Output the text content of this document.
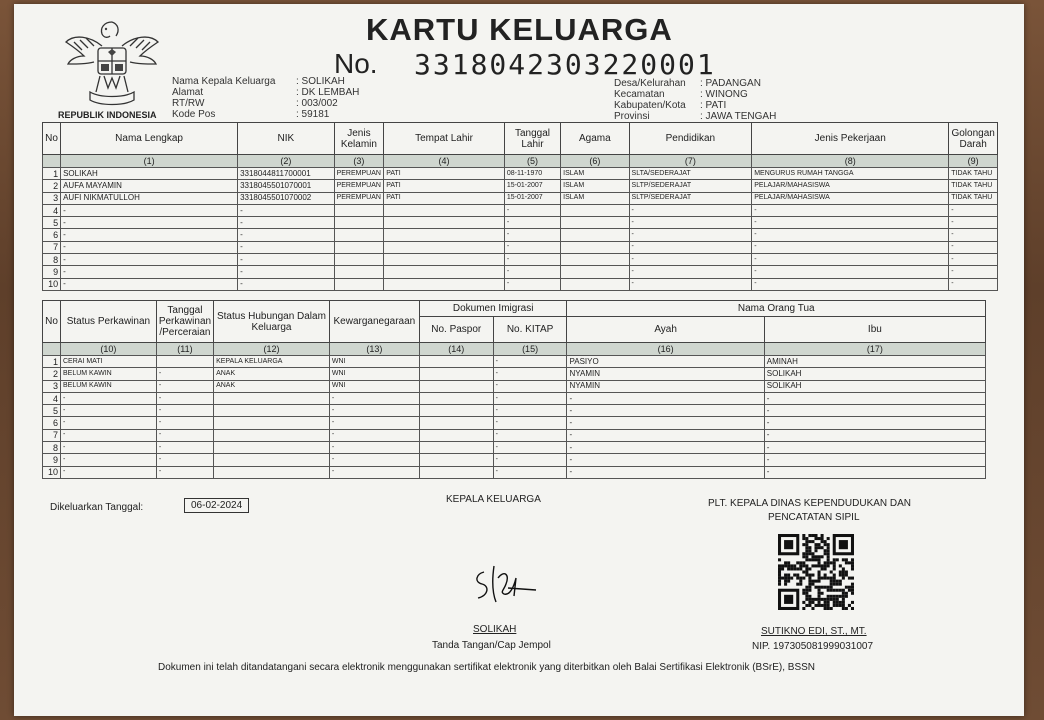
REPUBLIK INDONESIA
KARTU KELUARGA
No. 3318042303220001
Nama Kepala Keluarga	: SOLIKAH
Alamat	: DK LEMBAH
RT/RW	: 003/002
Kode Pos	: 59181
Desa/Kelurahan	: PADANGAN
Kecamatan	: WINONG
Kabupaten/Kota	: PATI
Provinsi	: JAWA TENGAH
No	Nama Lengkap	NIK	Jenis Kelamin	Tempat Lahir	Tanggal Lahir	Agama	Pendidikan	Jenis Pekerjaan	Golongan Darah
	(1)	(2)	(3)	(4)	(5)	(6)	(7)	(8)	(9)
1	SOLIKAH	3318044811700001	PEREMPUAN	PATI	08-11-1970	ISLAM	SLTA/SEDERAJAT	MENGURUS RUMAH TANGGA	TIDAK TAHU
2	AUFA MAYAMIN	3318045501070001	PEREMPUAN	PATI	15-01-2007	ISLAM	SLTP/SEDERAJAT	PELAJAR/MAHASISWA	TIDAK TAHU
3	AUFI NIKMATULLOH	3318045501070002	PEREMPUAN	PATI	15-01-2007	ISLAM	SLTP/SEDERAJAT	PELAJAR/MAHASISWA	TIDAK TAHU
4	-	-			-		-	-	-
5	-	-			-		-	-	-
6	-	-			-		-	-	-
7	-	-			-		-	-	-
8	-	-			-		-	-	-
9	-	-			-		-	-	-
10	-	-			-		-	-	-
No	Status Perkawinan	Tanggal Perkawinan /Perceraian	Status Hubungan Dalam Keluarga	Kewarganegaraan	Dokumen Imigrasi		Nama Orang Tua	
					No. Paspor	No. KITAP	Ayah	Ibu
	(10)	(11)	(12)	(13)	(14)	(15)	(16)	(17)
1	CERAI MATI		KEPALA KELUARGA	WNI		-	PASIYO	AMINAH
2	BELUM KAWIN	-	ANAK	WNI		-	NYAMIN	SOLIKAH
3	BELUM KAWIN	-	ANAK	WNI		-	NYAMIN	SOLIKAH
4	-	-		-		-	-	-
5	-	-		-		-	-	-
6	-	-		-		-	-	-
7	-	-		-		-	-	-
8	-	-		-		-	-	-
9	-	-		-		-	-	-
10	-	-		-		-	-	-
Dikeluarkan Tanggal:	06-02-2024
KEPALA KELUARGA
SOLIKAH
Tanda Tangan/Cap Jempol
PLT. KEPALA DINAS KEPENDUDUKAN DAN
PENCATATAN SIPIL
SUTIKNO EDI, ST., MT.
NIP. 197305081999031007
Dokumen ini telah ditandatangani secara elektronik menggunakan sertifikat elektronik yang diterbitkan oleh Balai Sertifikasi Elektronik (BSrE), BSSN
